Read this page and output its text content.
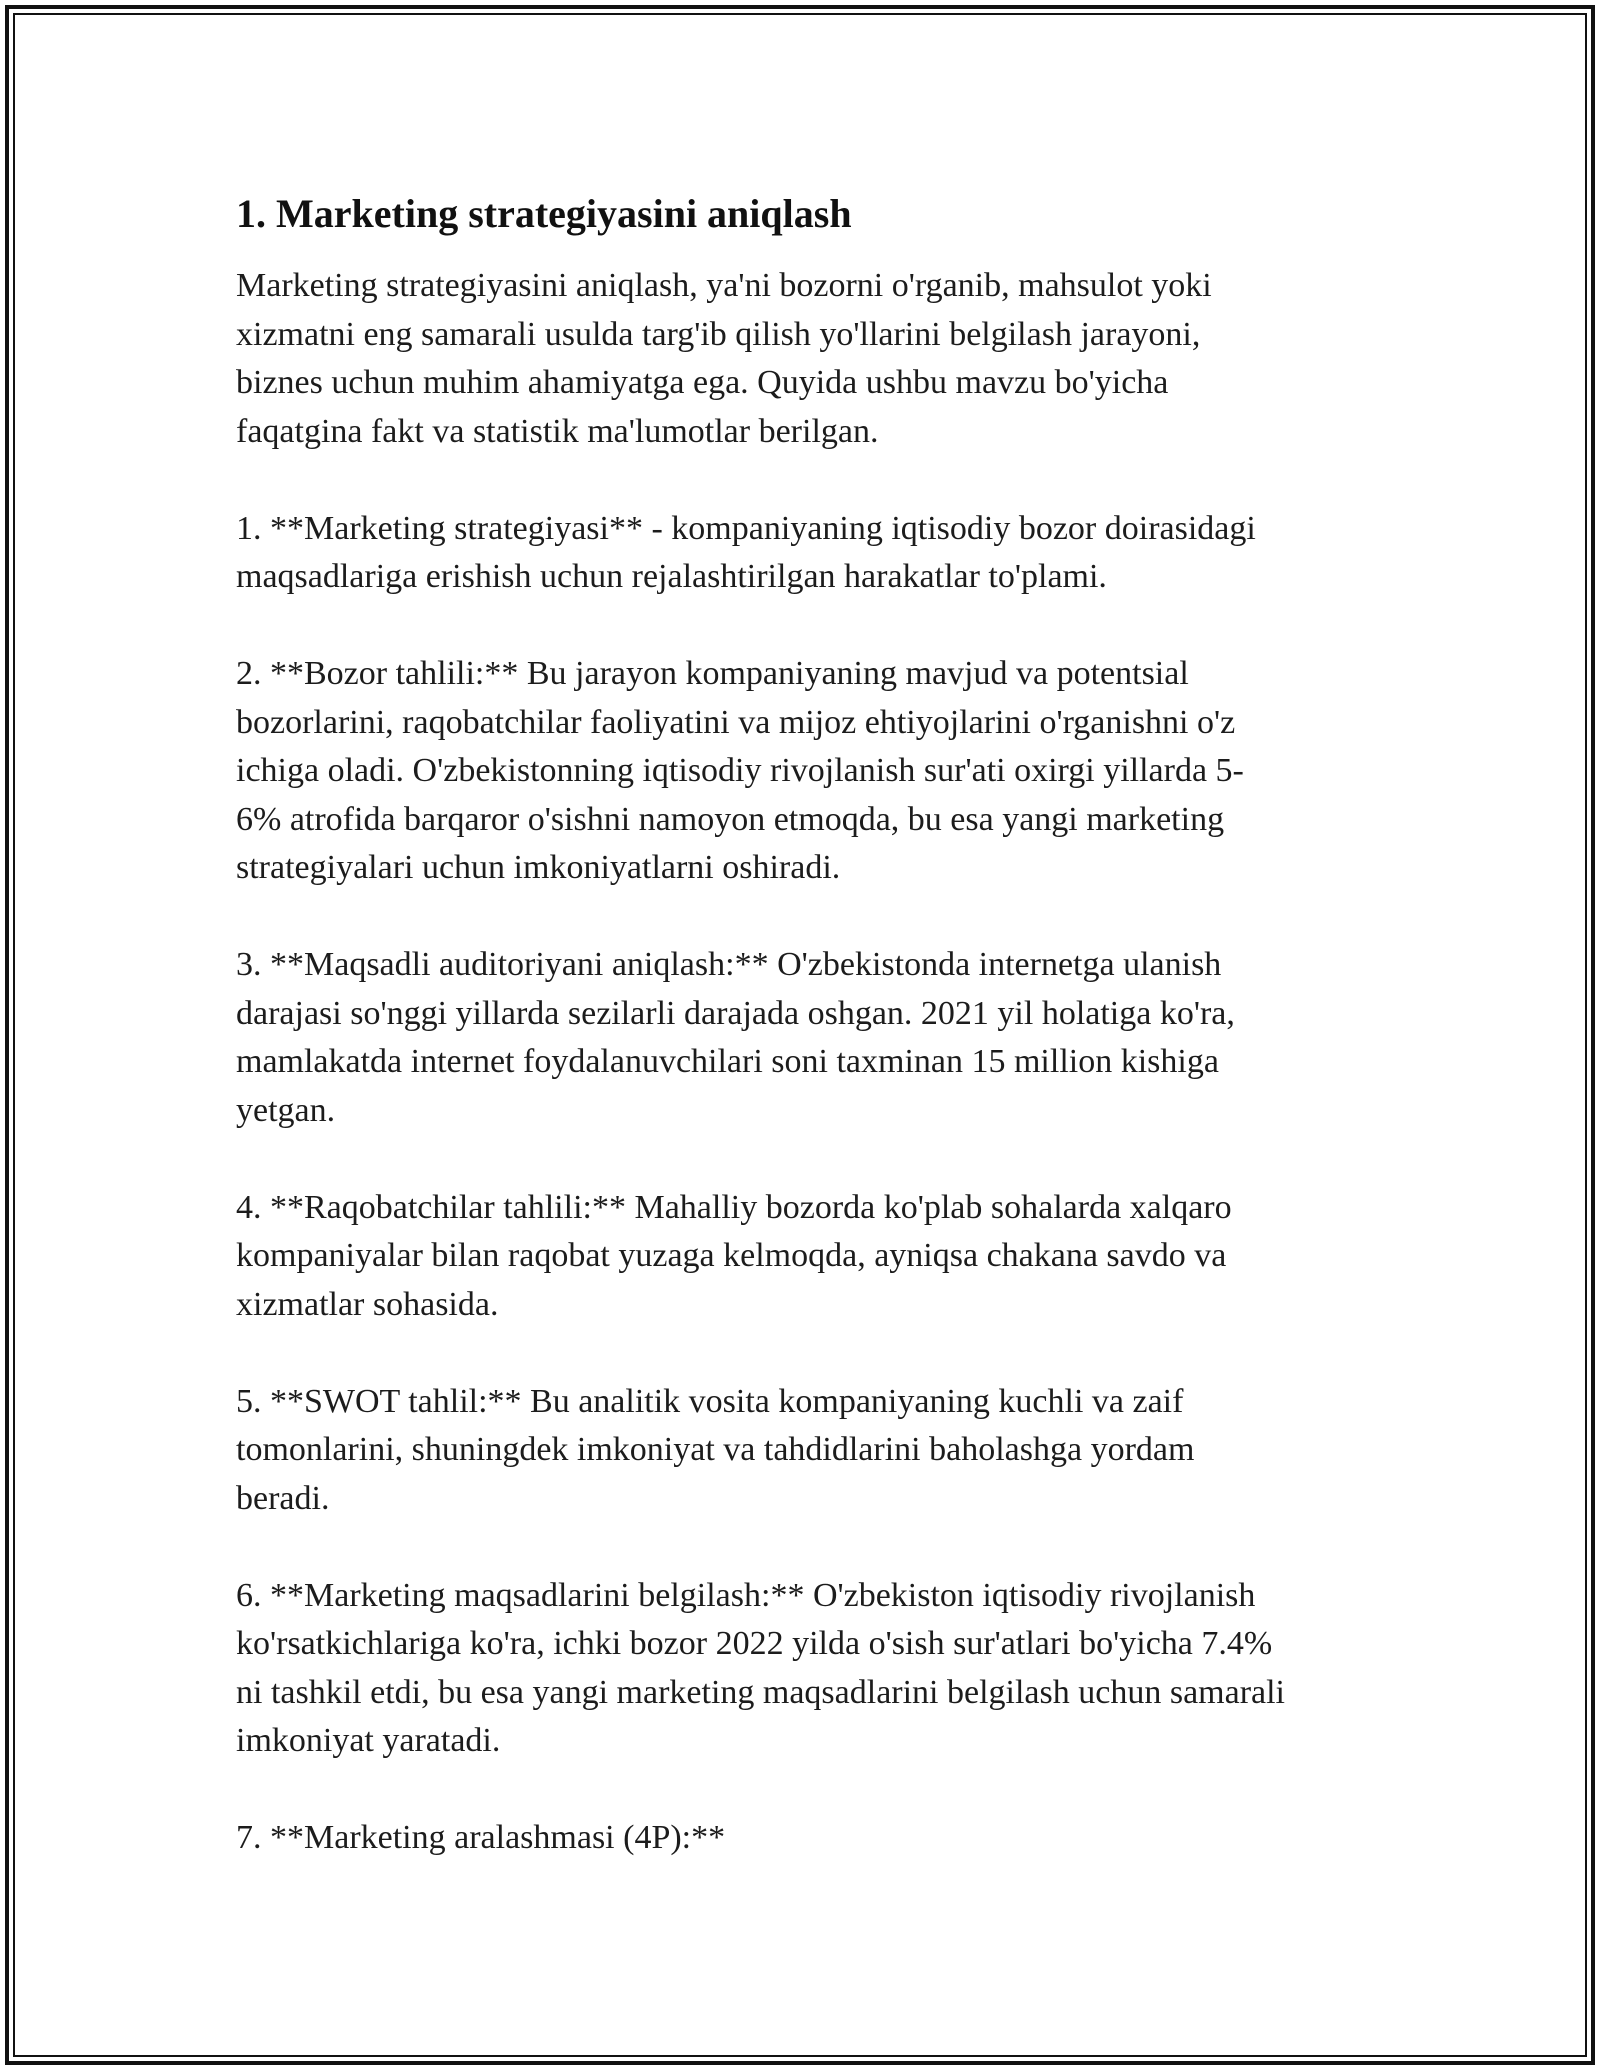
1. Marketing strategiyasini aniqlash

Marketing strategiyasini aniqlash, ya'ni bozorni o'rganib, mahsulot yoki
xizmatni eng samarali usulda targ'ib qilish yo'llarini belgilash jarayoni,
biznes uchun muhim ahamiyatga ega. Quyida ushbu mavzu bo'yicha
faqatgina fakt va statistik ma'lumotlar berilgan.

1. **Marketing strategiyasi** - kompaniyaning iqtisodiy bozor doirasidagi
maqsadlariga erishish uchun rejalashtirilgan harakatlar to'plami.

2. **Bozor tahlili:** Bu jarayon kompaniyaning mavjud va potentsial
bozorlarini, raqobatchilar faoliyatini va mijoz ehtiyojlarini o'rganishni o'z
ichiga oladi. O'zbekistonning iqtisodiy rivojlanish sur'ati oxirgi yillarda 5-
6% atrofida barqaror o'sishni namoyon etmoqda, bu esa yangi marketing
strategiyalari uchun imkoniyatlarni oshiradi.

3. **Maqsadli auditoriyani aniqlash:** O'zbekistonda internetga ulanish
darajasi so'nggi yillarda sezilarli darajada oshgan. 2021 yil holatiga ko'ra,
mamlakatda internet foydalanuvchilari soni taxminan 15 million kishiga
yetgan.

4. **Raqobatchilar tahlili:** Mahalliy bozorda ko'plab sohalarda xalqaro
kompaniyalar bilan raqobat yuzaga kelmoqda, ayniqsa chakana savdo va
xizmatlar sohasida.

5. **SWOT tahlil:** Bu analitik vosita kompaniyaning kuchli va zaif
tomonlarini, shuningdek imkoniyat va tahdidlarini baholashga yordam
beradi.

6. **Marketing maqsadlarini belgilash:** O'zbekiston iqtisodiy rivojlanish
ko'rsatkichlariga ko'ra, ichki bozor 2022 yilda o'sish sur'atlari bo'yicha 7.4%
ni tashkil etdi, bu esa yangi marketing maqsadlarini belgilash uchun samarali
imkoniyat yaratadi.

7. **Marketing aralashmasi (4P):**
